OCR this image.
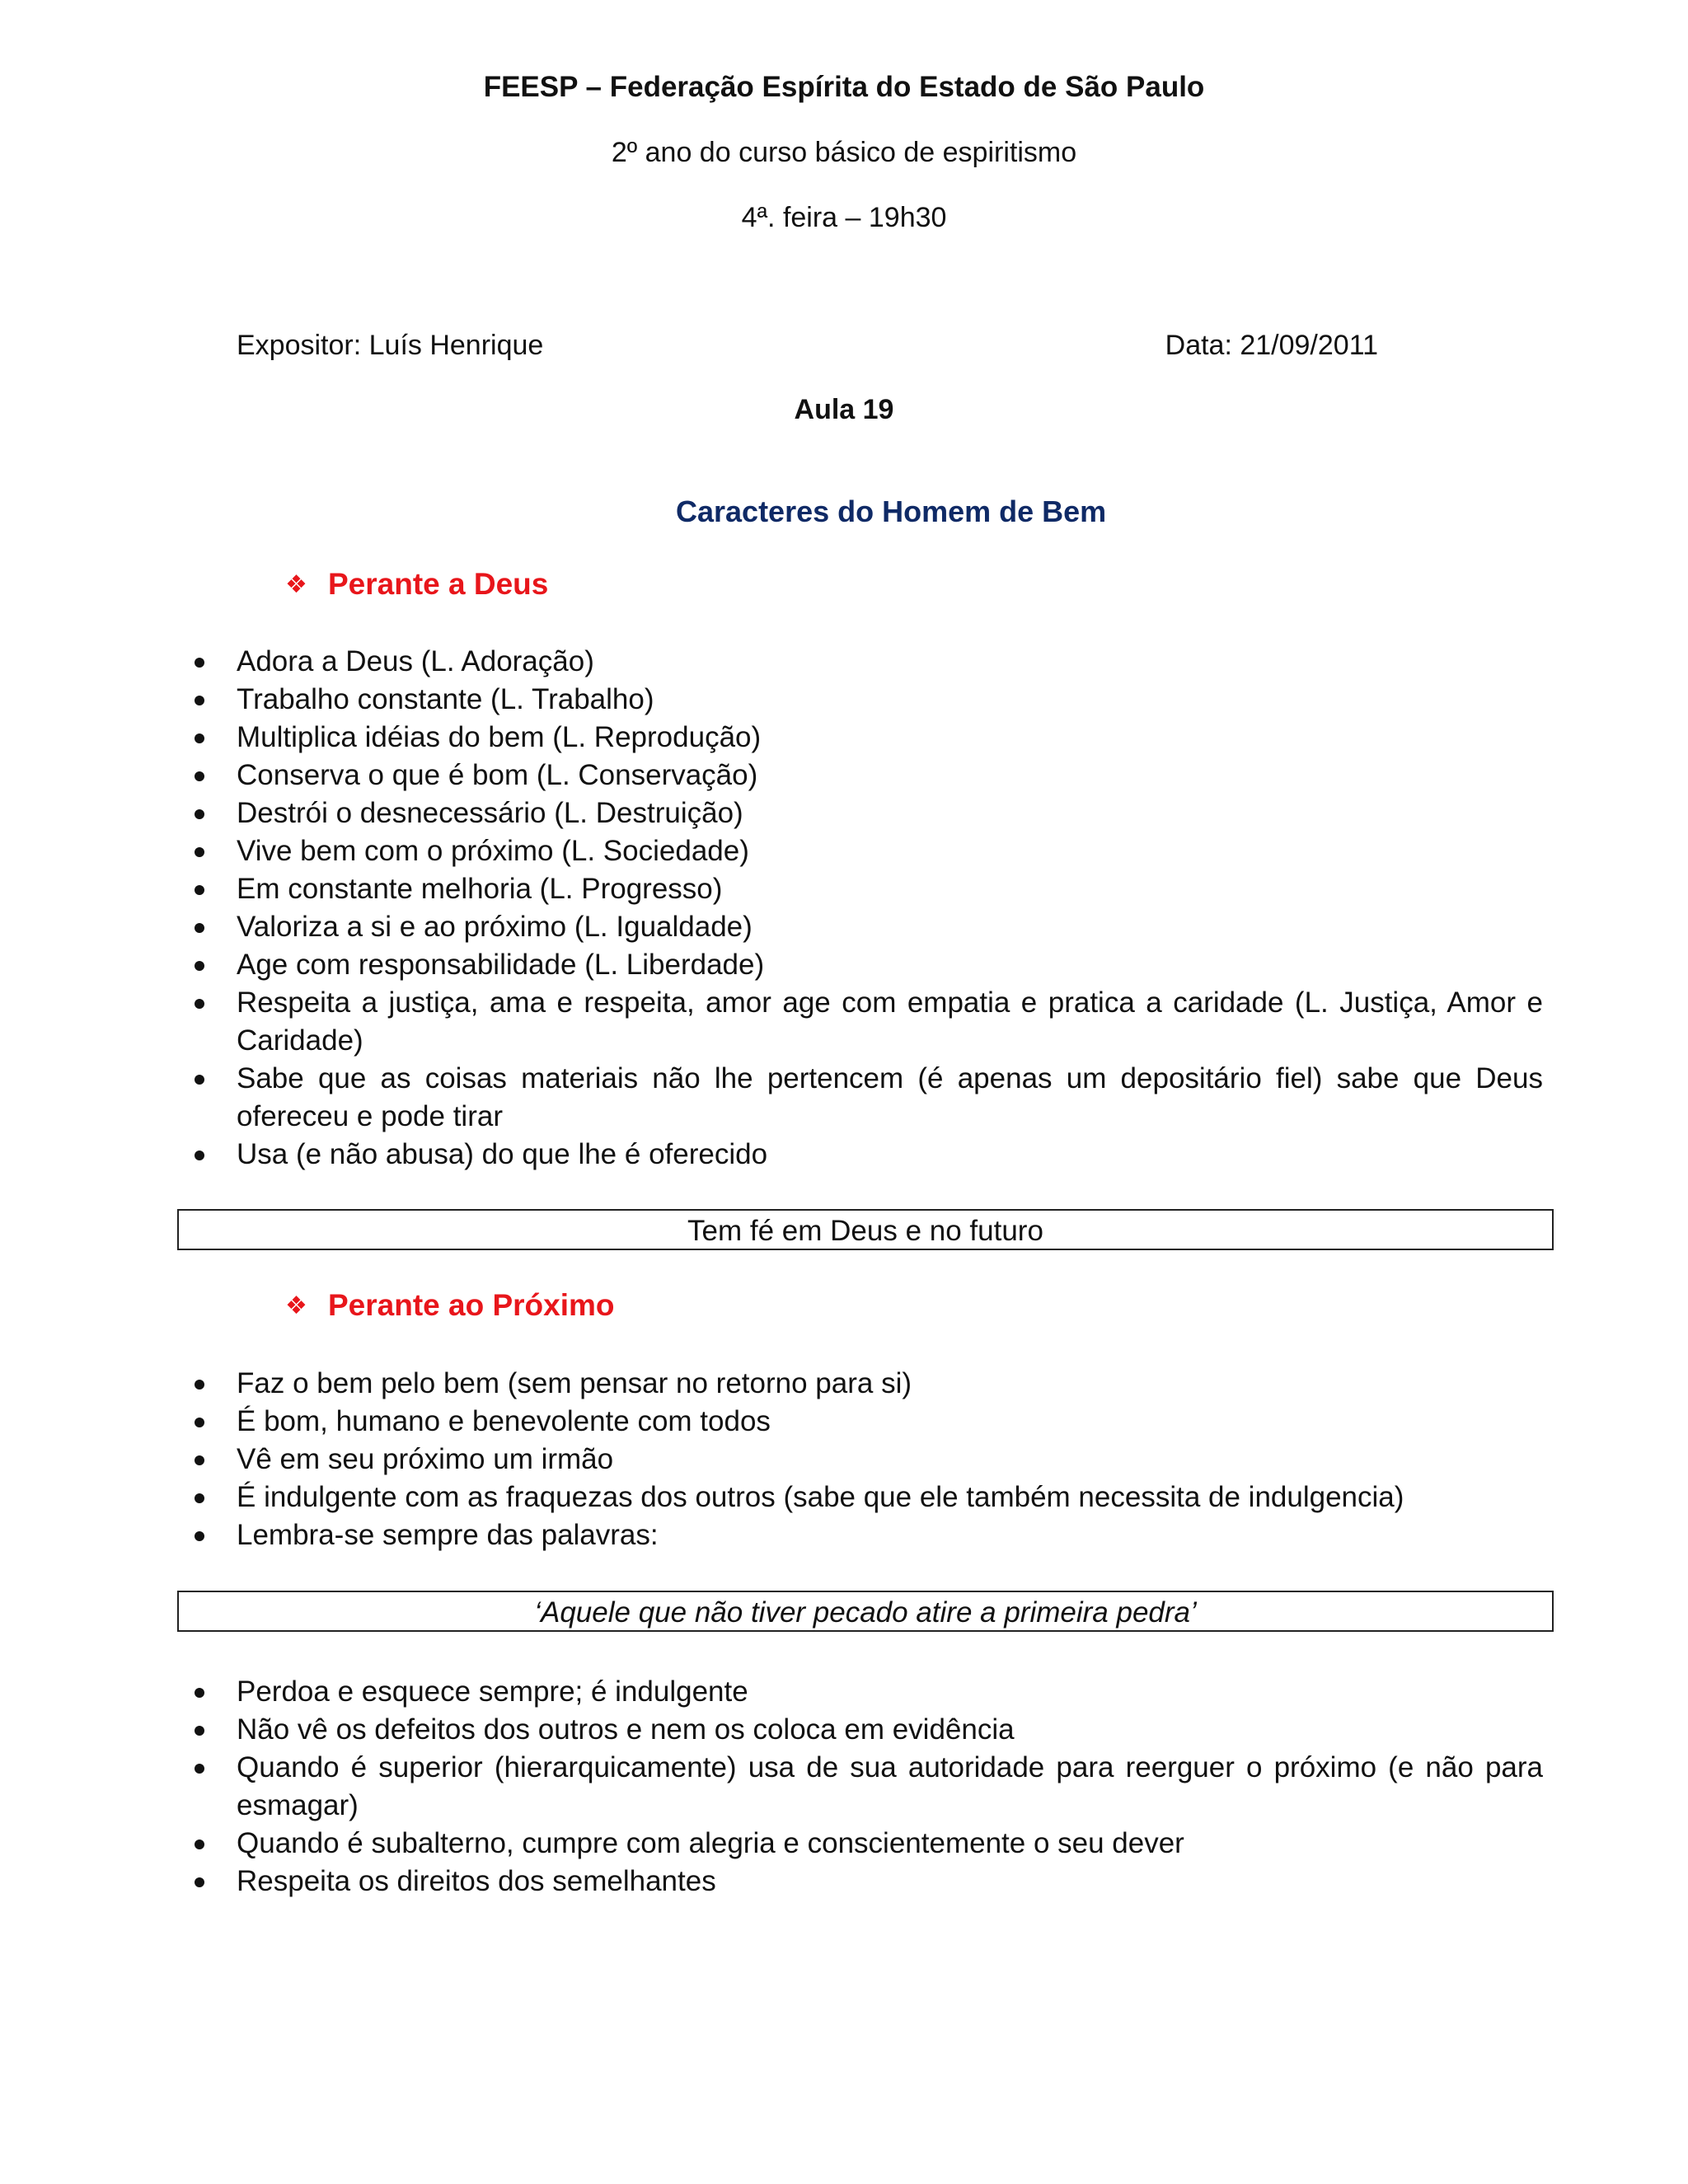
FEESP – Federação Espírita do Estado de São Paulo
2º ano do curso básico de espiritismo
4ª. feira – 19h30
Expositor: Luís Henrique	Data: 21/09/2011
Aula 19
Caracteres do Homem de Bem
❖ Perante a Deus
Adora a Deus (L. Adoração)
Trabalho constante (L. Trabalho)
Multiplica idéias do bem (L. Reprodução)
Conserva o que é bom (L. Conservação)
Destrói o desnecessário (L. Destruição)
Vive bem com o próximo (L. Sociedade)
Em constante melhoria (L. Progresso)
Valoriza a si e ao próximo (L. Igualdade)
Age com responsabilidade (L. Liberdade)
Respeita a justiça, ama e respeita, amor age com empatia e pratica a caridade (L. Justiça, Amor e Caridade)
Sabe que as coisas materiais não lhe pertencem (é apenas um depositário fiel) sabe que Deus ofereceu e pode tirar
Usa (e não abusa) do que lhe é oferecido
Tem fé em Deus e no futuro
❖ Perante ao Próximo
Faz o bem pelo bem (sem pensar no retorno para si)
É bom, humano e benevolente com todos
Vê em seu próximo um irmão
É indulgente com as fraquezas dos outros (sabe que ele também necessita de indulgencia)
Lembra-se sempre das palavras:
‘Aquele que não tiver pecado atire a primeira pedra’
Perdoa e esquece sempre; é indulgente
Não vê os defeitos dos outros e nem os coloca em evidência
Quando é superior (hierarquicamente) usa de sua autoridade para reerguer o próximo (e não para esmagar)
Quando é subalterno, cumpre com alegria e conscientemente o seu dever
Respeita os direitos dos semelhantes
